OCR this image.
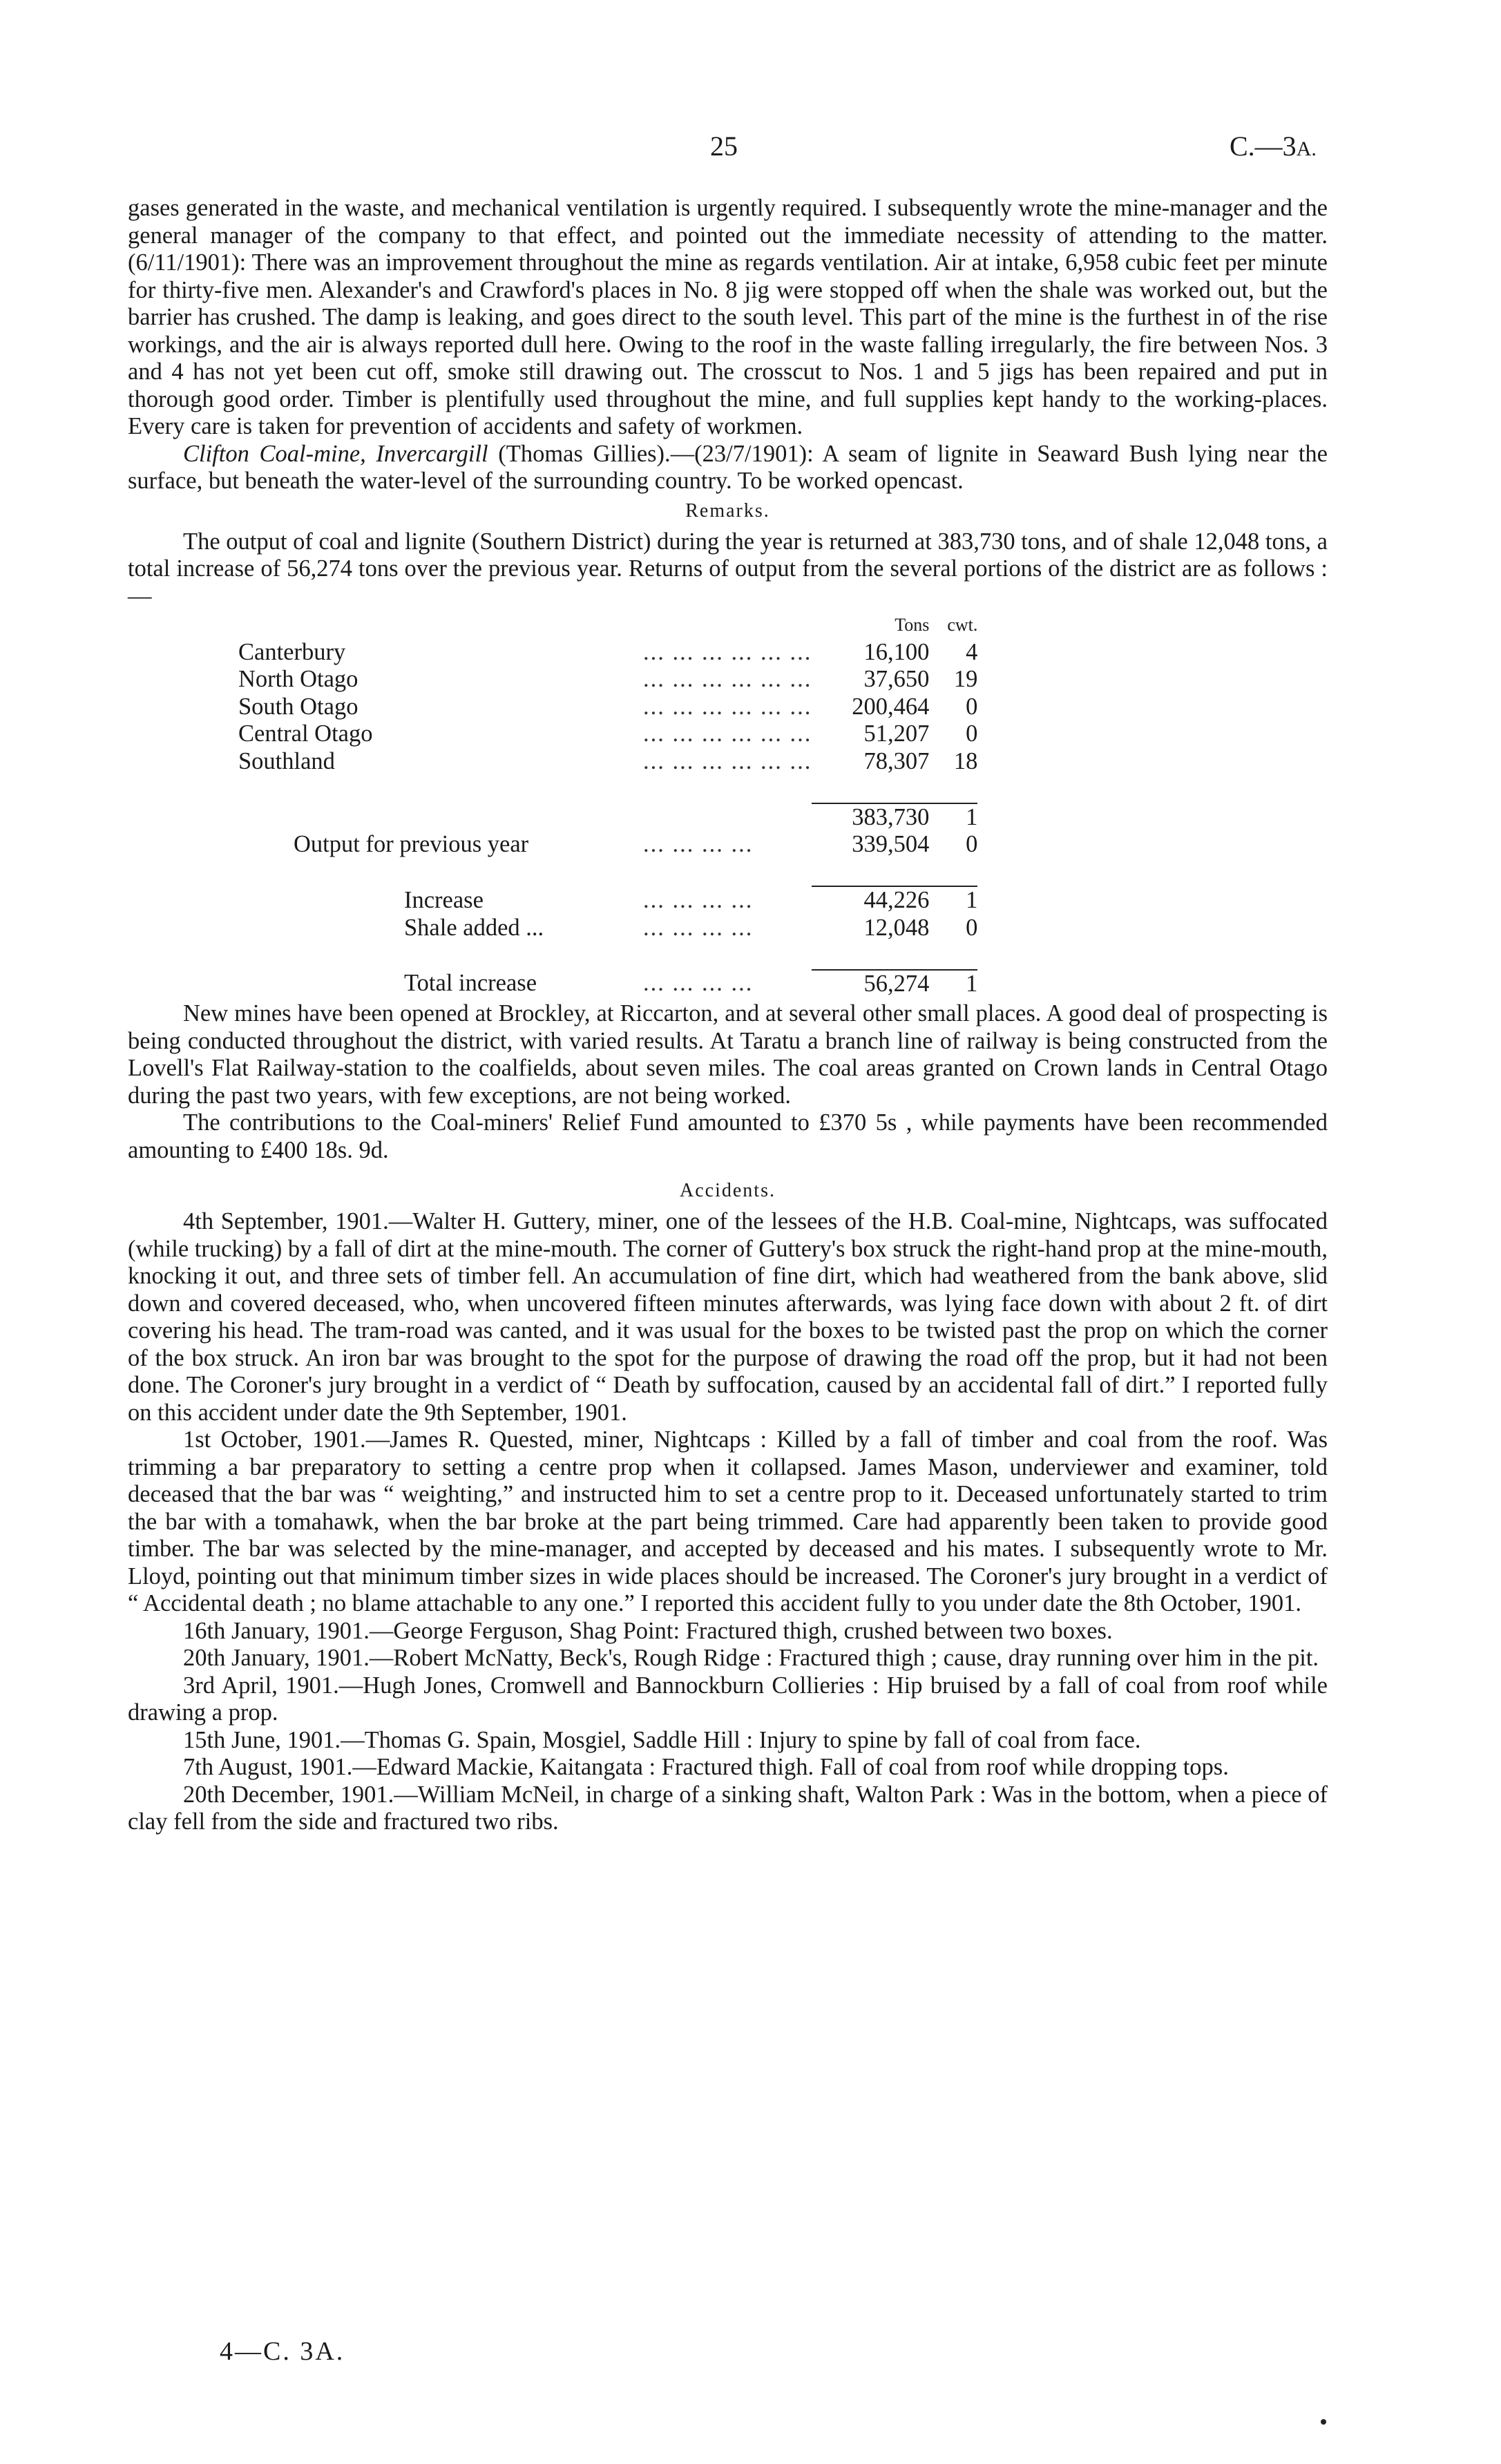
25	C.—3A.

gases generated in the waste, and mechanical ventilation is urgently required. I subsequently wrote the mine-manager and the general manager of the company to that effect, and pointed out the immediate necessity of attending to the matter. (6/11/1901): There was an improvement throughout the mine as regards ventilation. Air at intake, 6,958 cubic feet per minute for thirty-five men. Alexander's and Crawford's places in No. 8 jig were stopped off when the shale was worked out, but the barrier has crushed. The damp is leaking, and goes direct to the south level. This part of the mine is the furthest in of the rise workings, and the air is always reported dull here. Owing to the roof in the waste falling irregularly, the fire between Nos. 3 and 4 has not yet been cut off, smoke still drawing out. The crosscut to Nos. 1 and 5 jigs has been repaired and put in thorough good order. Timber is plentifully used throughout the mine, and full supplies kept handy to the working-places. Every care is taken for prevention of accidents and safety of workmen.

Clifton Coal-mine, Invercargill (Thomas Gillies).—(23/7/1901): A seam of lignite in Seaward Bush lying near the surface, but beneath the water-level of the surrounding country. To be worked opencast.

Remarks.

The output of coal and lignite (Southern District) during the year is returned at 383,730 tons, and of shale 12,048 tons, a total increase of 56,274 tons over the previous year. Returns of output from the several portions of the district are as follows :—

		Tons	cwt.
Canterbury	... ... ... ... ... ...	16,100	4
North Otago	... ... ... ... ... ...	37,650	19
South Otago	... ... ... ... ... ...	200,464	0
Central Otago	... ... ... ... ... ...	51,207	0
Southland	... ... ... ... ... ...	78,307	18

		383,730	1
Output for previous year	... ... ... ...	339,504	0

Increase	... ... ... ...	44,226	1
Shale added ...	... ... ... ...	12,048	0

Total increase	... ... ... ...	56,274	1

New mines have been opened at Brockley, at Riccarton, and at several other small places. A good deal of prospecting is being conducted throughout the district, with varied results. At Taratu a branch line of railway is being constructed from the Lovell's Flat Railway-station to the coalfields, about seven miles. The coal areas granted on Crown lands in Central Otago during the past two years, with few exceptions, are not being worked.

The contributions to the Coal-miners' Relief Fund amounted to £370 5s , while payments have been recommended amounting to £400 18s. 9d.

Accidents.

4th September, 1901.—Walter H. Guttery, miner, one of the lessees of the H.B. Coal-mine, Nightcaps, was suffocated (while trucking) by a fall of dirt at the mine-mouth. The corner of Guttery's box struck the right-hand prop at the mine-mouth, knocking it out, and three sets of timber fell. An accumulation of fine dirt, which had weathered from the bank above, slid down and covered deceased, who, when uncovered fifteen minutes afterwards, was lying face down with about 2 ft. of dirt covering his head. The tram-road was canted, and it was usual for the boxes to be twisted past the prop on which the corner of the box struck. An iron bar was brought to the spot for the purpose of drawing the road off the prop, but it had not been done. The Coroner's jury brought in a verdict of “ Death by suffocation, caused by an accidental fall of dirt.” I reported fully on this accident under date the 9th September, 1901.

1st October, 1901.—James R. Quested, miner, Nightcaps : Killed by a fall of timber and coal from the roof. Was trimming a bar preparatory to setting a centre prop when it collapsed. James Mason, underviewer and examiner, told deceased that the bar was “ weighting,” and instructed him to set a centre prop to it. Deceased unfortunately started to trim the bar with a tomahawk, when the bar broke at the part being trimmed. Care had apparently been taken to provide good timber. The bar was selected by the mine-manager, and accepted by deceased and his mates. I subsequently wrote to Mr. Lloyd, pointing out that minimum timber sizes in wide places should be increased. The Coroner's jury brought in a verdict of “ Accidental death ; no blame attachable to any one.” I reported this accident fully to you under date the 8th October, 1901.

16th January, 1901.—George Ferguson, Shag Point: Fractured thigh, crushed between two boxes.

20th January, 1901.—Robert McNatty, Beck's, Rough Ridge : Fractured thigh ; cause, dray running over him in the pit.

3rd April, 1901.—Hugh Jones, Cromwell and Bannockburn Collieries : Hip bruised by a fall of coal from roof while drawing a prop.

15th June, 1901.—Thomas G. Spain, Mosgiel, Saddle Hill : Injury to spine by fall of coal from face.

7th August, 1901.—Edward Mackie, Kaitangata : Fractured thigh. Fall of coal from roof while dropping tops.

20th December, 1901.—William McNeil, in charge of a sinking shaft, Walton Park : Was in the bottom, when a piece of clay fell from the side and fractured two ribs.

4—C. 3A.
